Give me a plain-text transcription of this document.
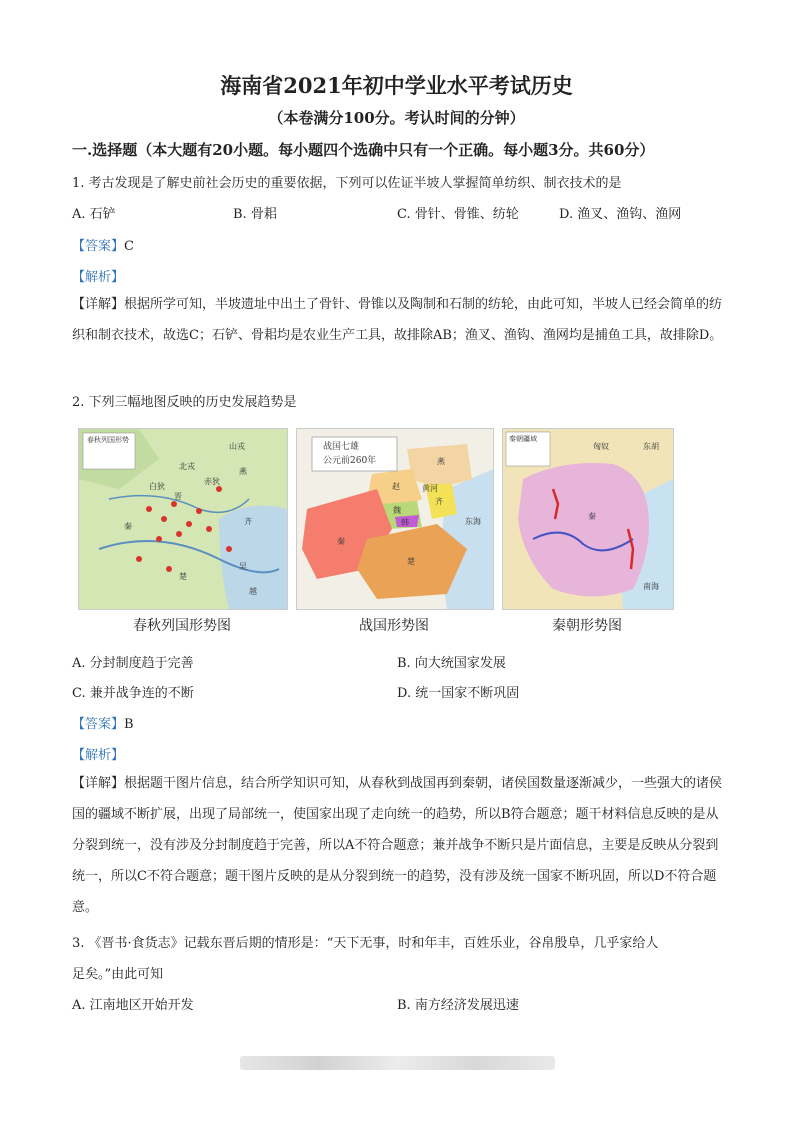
海南省2021年初中学业水平考试历史
（本卷满分100分。考认时间的分钟）
一.选择题（本大题有20小题。每小题四个选确中只有一个正确。每小题3分。共60分）
1. 考古发现是了解史前社会历史的重要依据，下列可以佐证半坡人掌握简单纺织、制衣技术的是
A. 石铲	B. 骨耜	C. 骨针、骨锥、纺轮	D. 渔叉、渔钩、渔网
【答案】C
【解析】
【详解】根据所学可知，半坡遗址中出土了骨针、骨锥以及陶制和石制的纺轮，由此可知，半坡人已经会简单的纺织和制衣技术，故选C；石铲、骨耜均是农业生产工具，故排除AB；渔叉、渔钩、渔网均是捕鱼工具，故排除D。
2. 下列三幅地图反映的历史发展趋势是
春秋列国形势
山戎
北戎
晋
燕
齐
秦
楚
吴
越
白狄
赤狄
战国七雄
公元前260年	燕
赵
齐
魏
韩
秦
楚
黄河
东海
秦朝疆域
匈奴	东胡
秦
南海
春秋列国形势图	战国形势图	秦朝形势图
A. 分封制度趋于完善	B. 向大统国家发展
C. 兼并战争连的不断	D. 统一国家不断巩固
【答案】B
【解析】
【详解】根据题干图片信息，结合所学知识可知，从春秋到战国再到秦朝，诸侯国数量逐渐减少，一些强大的诸侯国的疆域不断扩展，出现了局部统一，使国家出现了走向统一的趋势，所以B符合题意；题干材料信息反映的是从分裂到统一，没有涉及分封制度趋于完善，所以A不符合题意；兼并战争不断只是片面信息，主要是反映从分裂到统一，所以C不符合题意；题干图片反映的是从分裂到统一的趋势，没有涉及统一国家不断巩固，所以D不符合题意。
3. 《晋书·食货志》记载东晋后期的情形是：“天下无事，时和年丰，百姓乐业，谷帛殷阜，几乎家给人
足矣。”由此可知
A. 江南地区开始开发	B. 南方经济发展迅速
